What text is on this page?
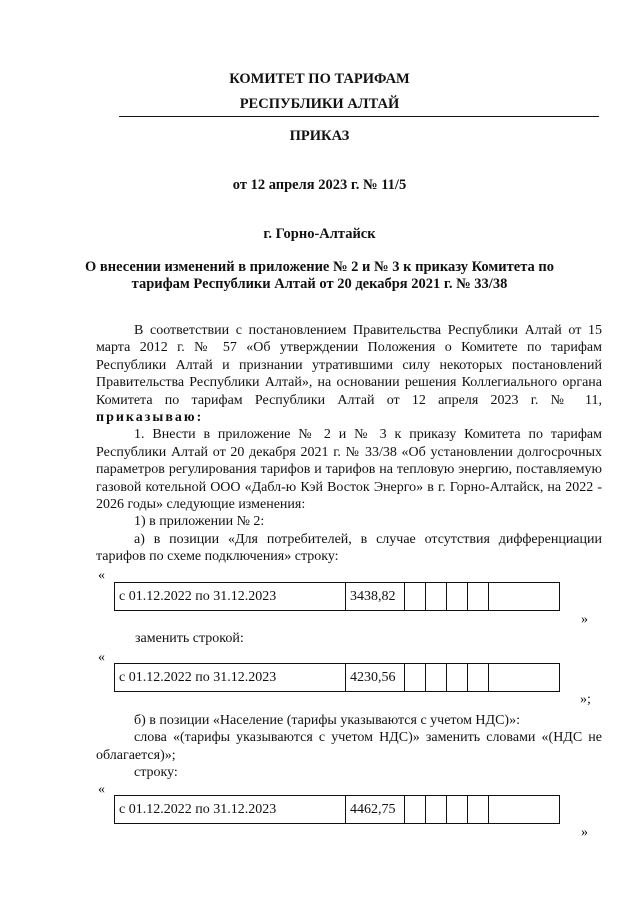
КОМИТЕТ ПО ТАРИФАМ
РЕСПУБЛИКИ АЛТАЙ
ПРИКАЗ
от 12 апреля 2023 г. № 11/5
г. Горно-Алтайск
О внесении изменений в приложение № 2 и № 3 к приказу Комитета по
тарифам Республики Алтай от 20 декабря 2021 г. № 33/38

В соответствии с постановлением Правительства Республики Алтай от 15 марта 2012 г. № 57 «Об утверждении Положения о Комитете по тарифам Республики Алтай и признании утратившими силу некоторых постановлений Правительства Республики Алтай», на основании решения Коллегиального органа Комитета по тарифам Республики Алтай от 12 апреля 2023 г. № 11, приказываю:

1. Внести в приложение № 2 и № 3 к приказу Комитета по тарифам Республики Алтай от 20 декабря 2021 г. № 33/38 «Об установлении долгосрочных параметров регулирования тарифов и тарифов на тепловую энергию, поставляемую газовой котельной ООО «Дабл-ю Кэй Восток Энерго» в г. Горно-Алтайск, на 2022 - 2026 годы» следующие изменения:

1) в приложении № 2:

а) в позиции «Для потребителей, в случае отсутствия дифференциации тарифов по схеме подключения» строку:

«
с 01.12.2022 по 31.12.2023	3438,82					
»
заменить строкой:
«
с 01.12.2022 по 31.12.2023	4230,56					
»;

б) в позиции «Население (тарифы указываются с учетом НДС)»:

слова «(тарифы указываются с учетом НДС)» заменить словами «(НДС не облагается)»;

строку:

«
с 01.12.2022 по 31.12.2023	4462,75					
»
